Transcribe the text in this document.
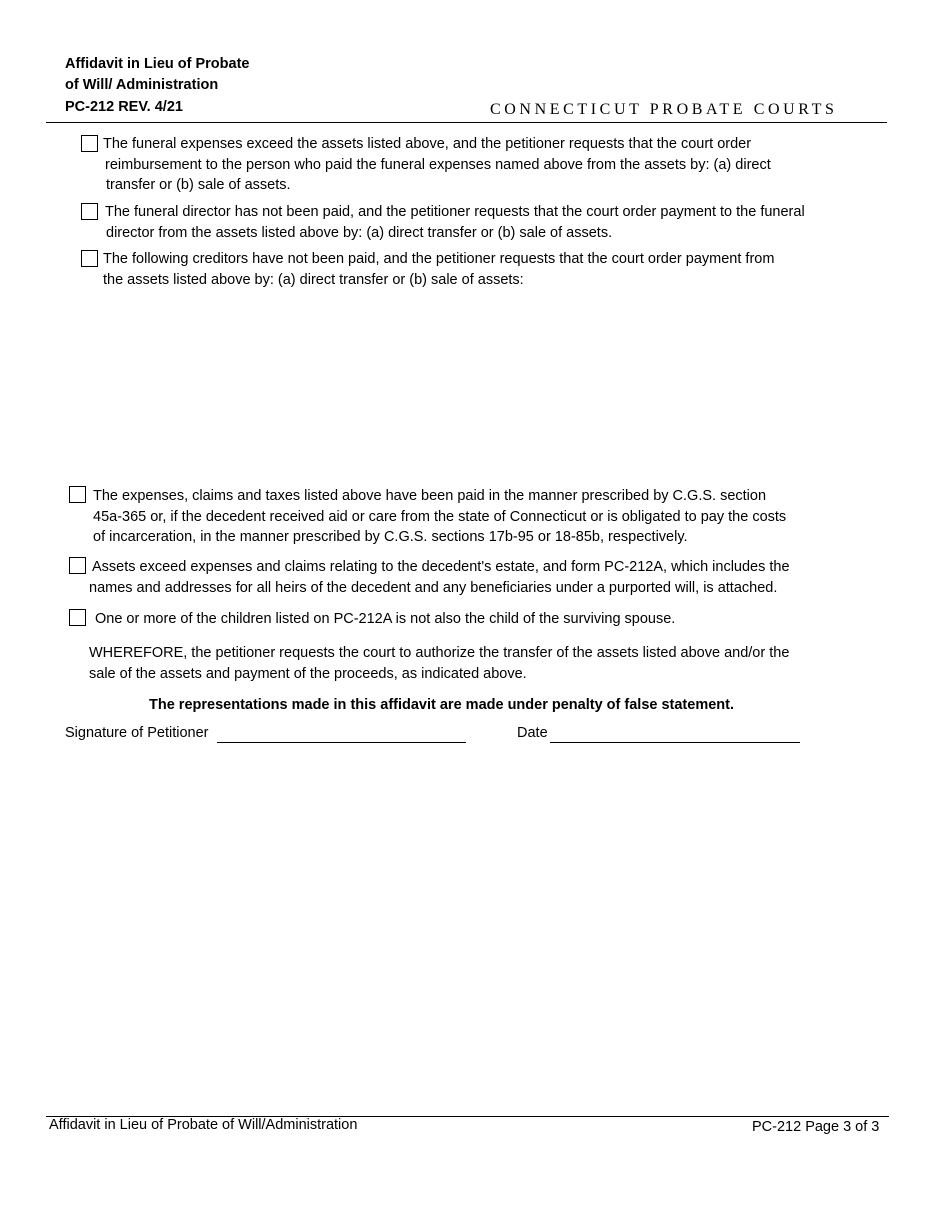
Affidavit in Lieu of Probate
of Will/ Administration
PC-212 REV. 4/21	CONNECTICUT PROBATE COURTS
The funeral expenses exceed the assets listed above, and the petitioner requests that the court order
reimbursement to the person who paid the funeral expenses named above from the assets by: (a) direct
transfer or (b) sale of assets.
The funeral director has not been paid, and the petitioner requests that the court order payment to the funeral
director from the assets listed above by: (a) direct transfer or (b) sale of assets.
The following creditors have not been paid, and the petitioner requests that the court order payment from
the assets listed above by: (a) direct transfer or (b) sale of assets:
The expenses, claims and taxes listed above have been paid in the manner prescribed by C.G.S. section
45a-365 or, if the decedent received aid or care from the state of Connecticut or is obligated to pay the costs
of incarceration, in the manner prescribed by C.G.S. sections 17b-95 or 18-85b, respectively.
Assets exceed expenses and claims relating to the decedent's estate, and form PC-212A, which includes the
names and addresses for all heirs of the decedent and any beneficiaries under a purported will, is attached.
One or more of the children listed on PC-212A is not also the child of the surviving spouse.
WHEREFORE, the petitioner requests the court to authorize the transfer of the assets listed above and/or the
sale of the assets and payment of the proceeds, as indicated above.
The representations made in this affidavit are made under penalty of false statement.
Signature of Petitioner	Date
Affidavit in Lieu of Probate of Will/Administration	PC-212 Page 3 of 3
